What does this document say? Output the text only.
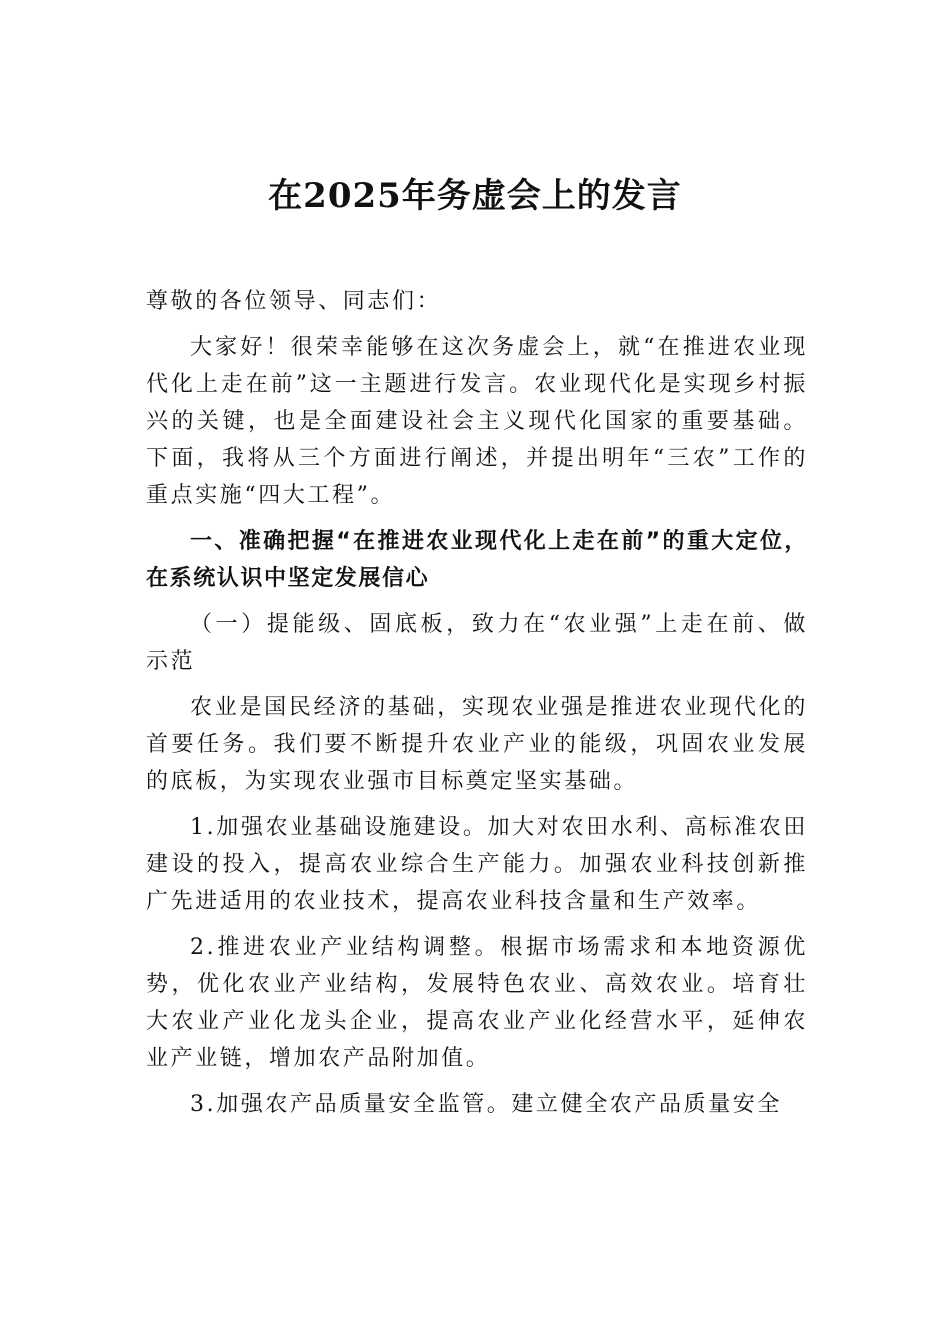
在2025年务虚会上的发言

尊敬的各位领导、同志们：

大家好！很荣幸能够在这次务虚会上，就“在推进农业现代化上走在前”这一主题进行发言。农业现代化是实现乡村振兴的关键，也是全面建设社会主义现代化国家的重要基础。下面，我将从三个方面进行阐述，并提出明年“三农”工作的重点实施“四大工程”。

一、准确把握“在推进农业现代化上走在前”的重大定位，在系统认识中坚定发展信心

（一）提能级、固底板，致力在“农业强”上走在前、做示范

农业是国民经济的基础，实现农业强是推进农业现代化的首要任务。我们要不断提升农业产业的能级，巩固农业发展的底板，为实现农业强市目标奠定坚实基础。

1.加强农业基础设施建设。加大对农田水利、高标准农田建设的投入，提高农业综合生产能力。加强农业科技创新推广先进适用的农业技术，提高农业科技含量和生产效率。

2.推进农业产业结构调整。根据市场需求和本地资源优势，优化农业产业结构，发展特色农业、高效农业。培育壮大农业产业化龙头企业，提高农业产业化经营水平，延伸农业产业链，增加农产品附加值。

3.加强农产品质量安全监管。建立健全农产品质量安全
